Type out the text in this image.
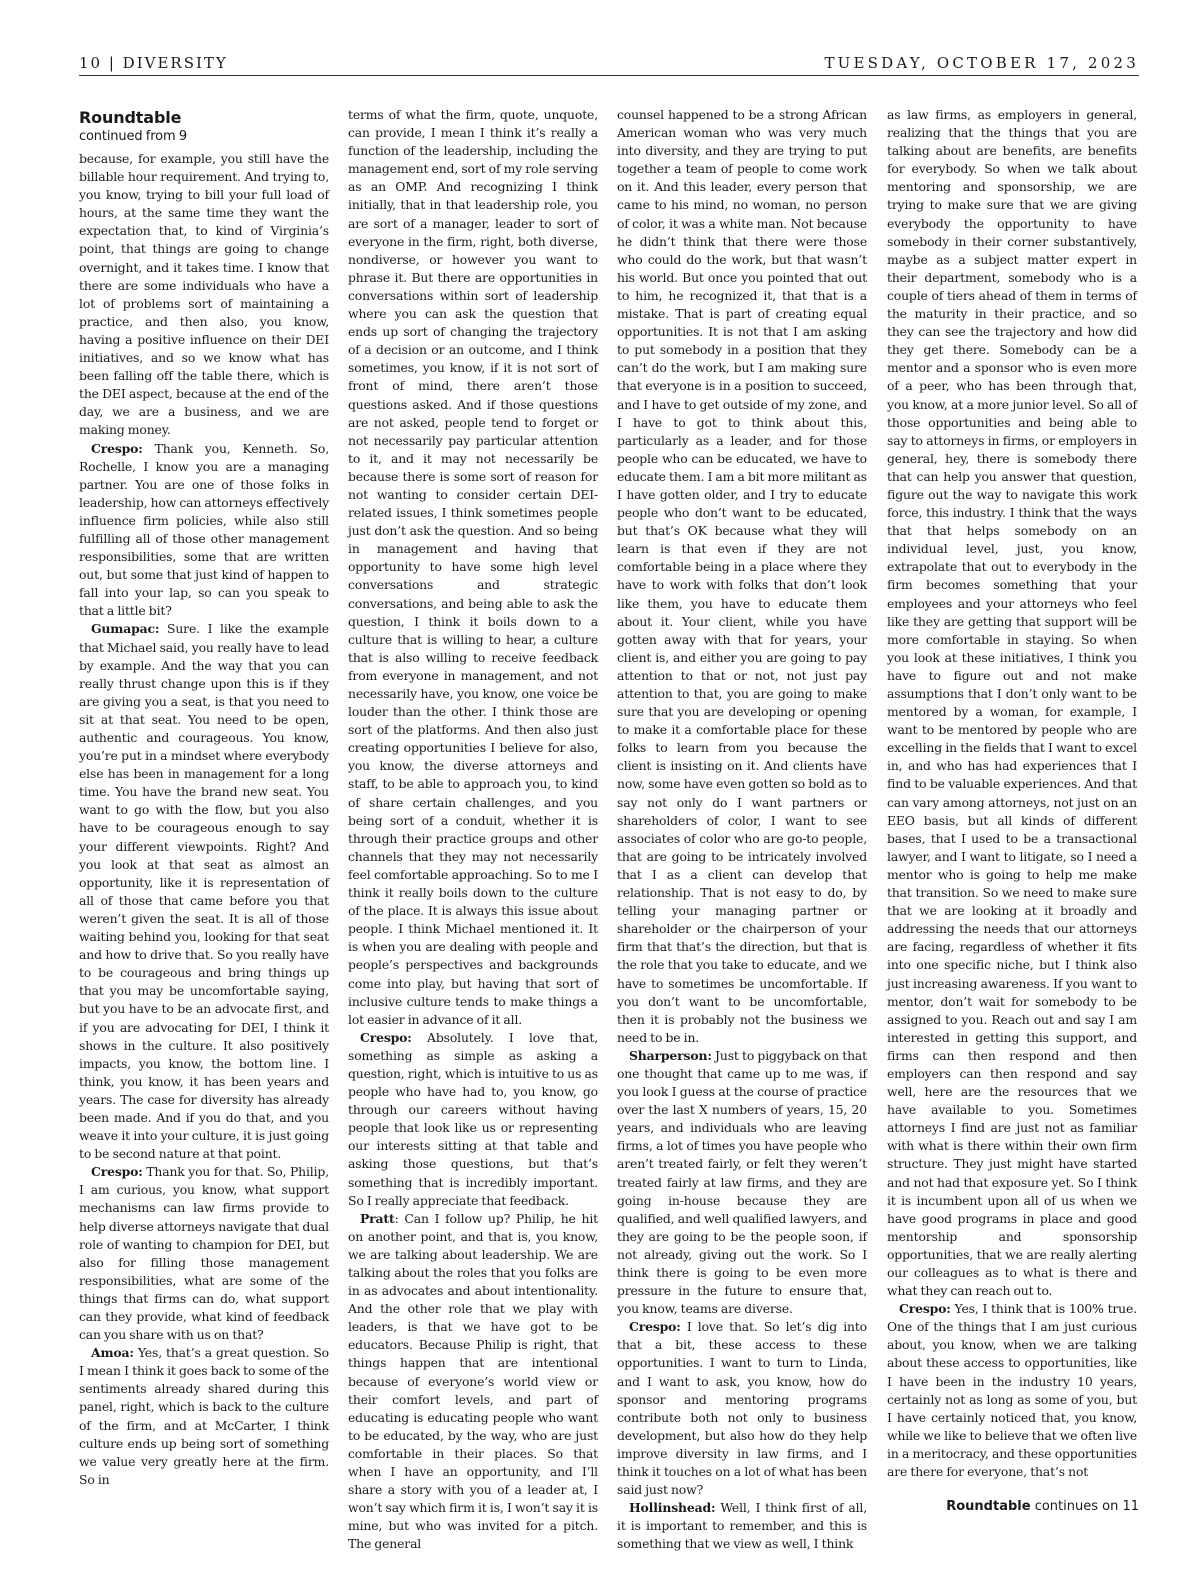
10 | DIVERSITY	TUESDAY, OCTOBER 17, 2023
Roundtable
continued from 9

because, for example, you still have the billable hour requirement. And trying to, you know, trying to bill your full load of hours, at the same time they want the expectation that, to kind of Virginia’s point, that things are going to change overnight, and it takes time. I know that there are some individuals who have a lot of problems sort of maintaining a practice, and then also, you know, having a positive influence on their DEI initiatives, and so we know what has been falling off the table there, which is the DEI aspect, because at the end of the day, we are a business, and we are making money.

Crespo: Thank you, Kenneth. So, Rochelle, I know you are a managing partner. You are one of those folks in leadership, how can attorneys effectively influence firm policies, while also still fulfilling all of those other management responsibilities, some that are written out, but some that just kind of happen to fall into your lap, so can you speak to that a little bit?

Gumapac: Sure. I like the example that Michael said, you really have to lead by example. And the way that you can really thrust change upon this is if they are giving you a seat, is that you need to sit at that seat. You need to be open, authentic and courageous. You know, you’re put in a mindset where everybody else has been in management for a long time. You have the brand new seat. You want to go with the flow, but you also have to be courageous enough to say your different viewpoints. Right? And you look at that seat as almost an opportunity, like it is representation of all of those that came before you that weren’t given the seat. It is all of those waiting behind you, looking for that seat and how to drive that. So you really have to be courageous and bring things up that you may be uncomfortable saying, but you have to be an advocate first, and if you are advocating for DEI, I think it shows in the culture. It also positively impacts, you know, the bottom line. I think, you know, it has been years and years. The case for diversity has already been made. And if you do that, and you weave it into your culture, it is just going to be second nature at that point.

Crespo: Thank you for that. So, Philip, I am curious, you know, what support mechanisms can law firms provide to help diverse attorneys navigate that dual role of wanting to champion for DEI, but also for filling those management responsibilities, what are some of the things that firms can do, what support can they provide, what kind of feedback can you share with us on that?

Amoa: Yes, that’s a great question. So I mean I think it goes back to some of the sentiments already shared during this panel, right, which is back to the culture of the firm, and at McCarter, I think culture ends up being sort of something we value very greatly here at the firm. So in

terms of what the firm, quote, unquote, can provide, I mean I think it’s really a function of the leadership, including the management end, sort of my role serving as an OMP. And recognizing I think initially, that in that leadership role, you are sort of a manager, leader to sort of everyone in the firm, right, both diverse, nondiverse, or however you want to phrase it. But there are opportunities in conversations within sort of leadership where you can ask the question that ends up sort of changing the trajectory of a decision or an outcome, and I think sometimes, you know, if it is not sort of front of mind, there aren’t those questions asked. And if those questions are not asked, people tend to forget or not necessarily pay particular attention to it, and it may not necessarily be because there is some sort of reason for not wanting to consider certain DEI-related issues, I think sometimes people just don’t ask the question. And so being in management and having that opportunity to have some high level conversations and strategic conversations, and being able to ask the question, I think it boils down to a culture that is willing to hear, a culture that is also willing to receive feedback from everyone in management, and not necessarily have, you know, one voice be louder than the other. I think those are sort of the platforms. And then also just creating opportunities I believe for also, you know, the diverse attorneys and staff, to be able to approach you, to kind of share certain challenges, and you being sort of a conduit, whether it is through their practice groups and other channels that they may not necessarily feel comfortable approaching. So to me I think it really boils down to the culture of the place. It is always this issue about people. I think Michael mentioned it. It is when you are dealing with people and people’s perspectives and backgrounds come into play, but having that sort of inclusive culture tends to make things a lot easier in advance of it all.

Crespo: Absolutely. I love that, something as simple as asking a question, right, which is intuitive to us as people who have had to, you know, go through our careers without having people that look like us or representing our interests sitting at that table and asking those questions, but that’s something that is incredibly important. So I really appreciate that feedback.

Pratt: Can I follow up? Philip, he hit on another point, and that is, you know, we are talking about leadership. We are talking about the roles that you folks are in as advocates and about intentionality. And the other role that we play with leaders, is that we have got to be educators. Because Philip is right, that things happen that are intentional because of everyone’s world view or their comfort levels, and part of educating is educating people who want to be educated, by the way, who are just comfortable in their places. So that when I have an opportunity, and I’ll share a story with you of a leader at, I won’t say which firm it is, I won’t say it is mine, but who was invited for a pitch. The general

counsel happened to be a strong African American woman who was very much into diversity, and they are trying to put together a team of people to come work on it. And this leader, every person that came to his mind, no woman, no person of color, it was a white man. Not because he didn’t think that there were those who could do the work, but that wasn’t his world. But once you pointed that out to him, he recognized it, that that is a mistake. That is part of creating equal opportunities. It is not that I am asking to put somebody in a position that they can’t do the work, but I am making sure that everyone is in a position to succeed, and I have to get outside of my zone, and I have to got to think about this, particularly as a leader, and for those people who can be educated, we have to educate them. I am a bit more militant as I have gotten older, and I try to educate people who don’t want to be educated, but that’s OK because what they will learn is that even if they are not comfortable being in a place where they have to work with folks that don’t look like them, you have to educate them about it. Your client, while you have gotten away with that for years, your client is, and either you are going to pay attention to that or not, not just pay attention to that, you are going to make sure that you are developing or opening to make it a comfortable place for these folks to learn from you because the client is insisting on it. And clients have now, some have even gotten so bold as to say not only do I want partners or shareholders of color, I want to see associates of color who are go-to people, that are going to be intricately involved that I as a client can develop that relationship. That is not easy to do, by telling your managing partner or shareholder or the chairperson of your firm that that’s the direction, but that is the role that you take to educate, and we have to sometimes be uncomfortable. If you don’t want to be uncomfortable, then it is probably not the business we need to be in.

Sharperson: Just to piggyback on that one thought that came up to me was, if you look I guess at the course of practice over the last X numbers of years, 15, 20 years, and individuals who are leaving firms, a lot of times you have people who aren’t treated fairly, or felt they weren’t treated fairly at law firms, and they are going in-house because they are qualified, and well qualified lawyers, and they are going to be the people soon, if not already, giving out the work. So I think there is going to be even more pressure in the future to ensure that, you know, teams are diverse.

Crespo: I love that. So let’s dig into that a bit, these access to these opportunities. I want to turn to Linda, and I want to ask, you know, how do sponsor and mentoring programs contribute both not only to business development, but also how do they help improve diversity in law firms, and I think it touches on a lot of what has been said just now?

Hollinshead: Well, I think first of all, it is important to remember, and this is something that we view as well, I think

as law firms, as employers in general, realizing that the things that you are talking about are benefits, are benefits for everybody. So when we talk about mentoring and sponsorship, we are trying to make sure that we are giving everybody the opportunity to have somebody in their corner substantively, maybe as a subject matter expert in their department, somebody who is a couple of tiers ahead of them in terms of the maturity in their practice, and so they can see the trajectory and how did they get there. Somebody can be a mentor and a sponsor who is even more of a peer, who has been through that, you know, at a more junior level. So all of those opportunities and being able to say to attorneys in firms, or employers in general, hey, there is somebody there that can help you answer that question, figure out the way to navigate this work force, this industry. I think that the ways that that helps somebody on an individual level, just, you know, extrapolate that out to everybody in the firm becomes something that your employees and your attorneys who feel like they are getting that support will be more comfortable in staying. So when you look at these initiatives, I think you have to figure out and not make assumptions that I don’t only want to be mentored by a woman, for example, I want to be mentored by people who are excelling in the fields that I want to excel in, and who has had experiences that I find to be valuable experiences. And that can vary among attorneys, not just on an EEO basis, but all kinds of different bases, that I used to be a transactional lawyer, and I want to litigate, so I need a mentor who is going to help me make that transition. So we need to make sure that we are looking at it broadly and addressing the needs that our attorneys are facing, regardless of whether it fits into one specific niche, but I think also just increasing awareness. If you want to mentor, don’t wait for somebody to be assigned to you. Reach out and say I am interested in getting this support, and firms can then respond and then employers can then respond and say well, here are the resources that we have available to you. Sometimes attorneys I find are just not as familiar with what is there within their own firm structure. They just might have started and not had that exposure yet. So I think it is incumbent upon all of us when we have good programs in place and good mentorship and sponsorship opportunities, that we are really alerting our colleagues as to what is there and what they can reach out to.

Crespo: Yes, I think that is 100% true. One of the things that I am just curious about, you know, when we are talking about these access to opportunities, like I have been in the industry 10 years, certainly not as long as some of you, but I have certainly noticed that, you know, while we like to believe that we often live in a meritocracy, and these opportunities are there for everyone, that’s not

Roundtable continues on 11
